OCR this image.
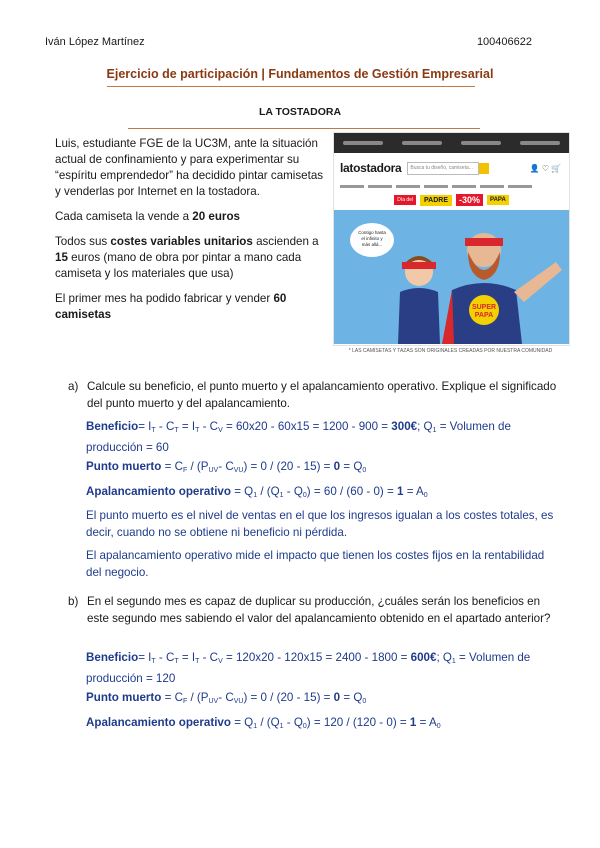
Iván López Martínez	100406622
Ejercicio de participación | Fundamentos de Gestión Empresarial
LA TOSTADORA

Luis, estudiante FGE de la UC3M, ante la situación actual de confinamiento y para experimentar su “espíritu emprendedor” ha decidido pintar camisetas y venderlas por Internet en la tostadora.

Cada camiseta la vende a 20 euros

Todos sus costes variables unitarios ascienden a 15 euros (mano de obra por pintar a mano cada camiseta y los materiales que usa)

El primer mes ha podido fabricar y vender 60 camisetas

latostadora	Busca tu diseño, camiseta...	👤♡🛒
Día del	PADRE	-30%	PAPA
SUPER
PAPA
Contigo hasta
el infinito y
más allá...
* LAS CAMISETAS Y TAZAS SON ORIGINALES CREADAS POR NUESTRA COMUNIDAD
a) Calcule su beneficio, el punto muerto y el apalancamiento operativo. Explique el significado del punto muerto y del apalancamiento.
Beneficio= $I_T - C_T = I_T - C_V = 60x20 - 60x15 = 1200 - 900$ = 300€; $Q_1$ = Volumen de producción = 60
Punto muerto = $C_F / (P_{UV}-$ $C_{VU}) = 0 / (20 - 15) = 0 = Q_0$
Apalancamiento operativo = $Q_1 / (Q_1 - Q_0) = 60 / (60 - 0) = 1 = A_0$
El punto muerto es el nivel de ventas en el que los ingresos igualan a los costes totales, es decir, cuando no se obtiene ni beneficio ni pérdida.
El apalancamiento operativo mide el impacto que tienen los costes fijos en la rentabilidad del negocio.
b) En el segundo mes es capaz de duplicar su producción, ¿cuáles serán los beneficios en este segundo mes sabiendo el valor del apalancamiento obtenido en el apartado anterior?
Beneficio= $I_T - C_T = I_T - C_V = 120x20 - 120x15 = 2400 - 1800$ = 600€; $Q_1$ = Volumen de producción = 120
Punto muerto = $C_F / (P_{UV}-$ $C_{VU}) = 0 / (20 - 15) = 0 = Q_0$
Apalancamiento operativo = $Q_1 / (Q_1 - Q_0) = 120 / (120 - 0) = 1 = A_0$
